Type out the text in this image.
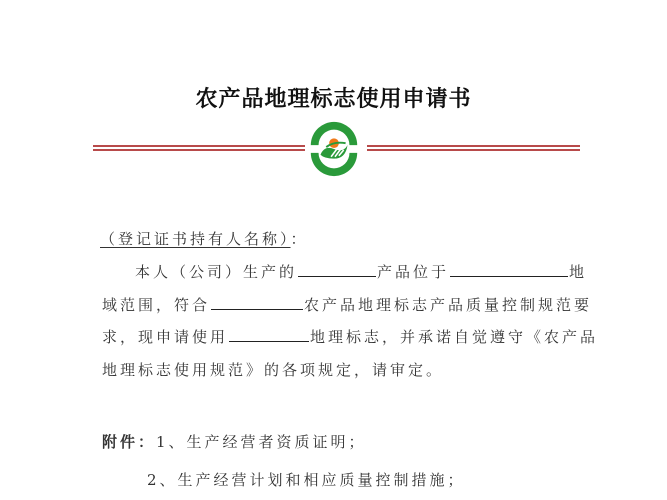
农产品地理标志使用申请书
（登记证书持有人名称）：
本人（公司）生产的	产品位于	地
域范围，符合	农产品地理标志产品质量控制规范要
求，现申请使用	地理标志，并承诺自觉遵守《农产品
地理标志使用规范》的各项规定，请审定。
附件：1、生产经营者资质证明；
2、生产经营计划和相应质量控制措施；
